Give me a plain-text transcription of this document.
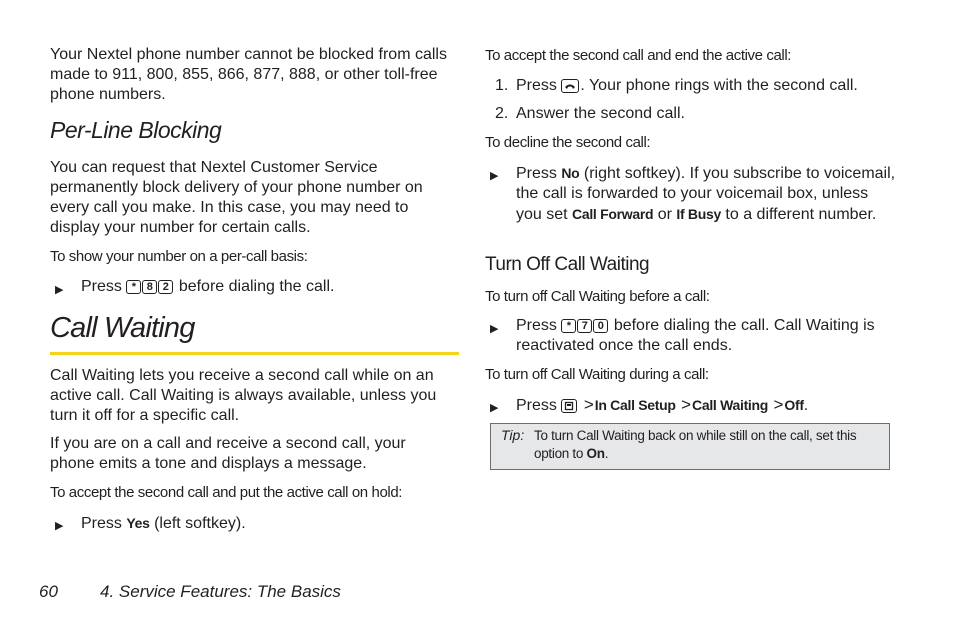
Your Nextel phone number cannot be blocked from calls made to 911, 800, 855, 866, 877, 888, or other toll-free phone numbers.

Per-Line Blocking

You can request that Nextel Customer Service permanently block delivery of your phone number on every call you make. In this case, you may need to display your number for certain calls.

To show your number on a per-call basis:

▶ Press * 8 2 before dialing the call.
Call Waiting

Call Waiting lets you receive a second call while on an active call. Call Waiting is always available, unless you turn it off for a specific call.

If you are on a call and receive a second call, your phone emits a tone and displays a message.

To accept the second call and put the active call on hold:

▶ Press Yes (left softkey).

To accept the second call and end the active call:

1. Press . Your phone rings with the second call.
2. Answer the second call.

To decline the second call:

▶ Press No (right softkey). If you subscribe to voicemail, the call is forwarded to your voicemail box, unless you set Call Forward or If Busy to a different number.
Turn Off Call Waiting

To turn off Call Waiting before a call:

▶ Press * 7 0 before dialing the call. Call Waiting is reactivated once the call ends.

To turn off Call Waiting during a call:

▶ Press >In Call Setup >Call Waiting >Off.
Tip: To turn Call Waiting back on while still on the call, set this option to On.
60 4. Service Features: The Basics
